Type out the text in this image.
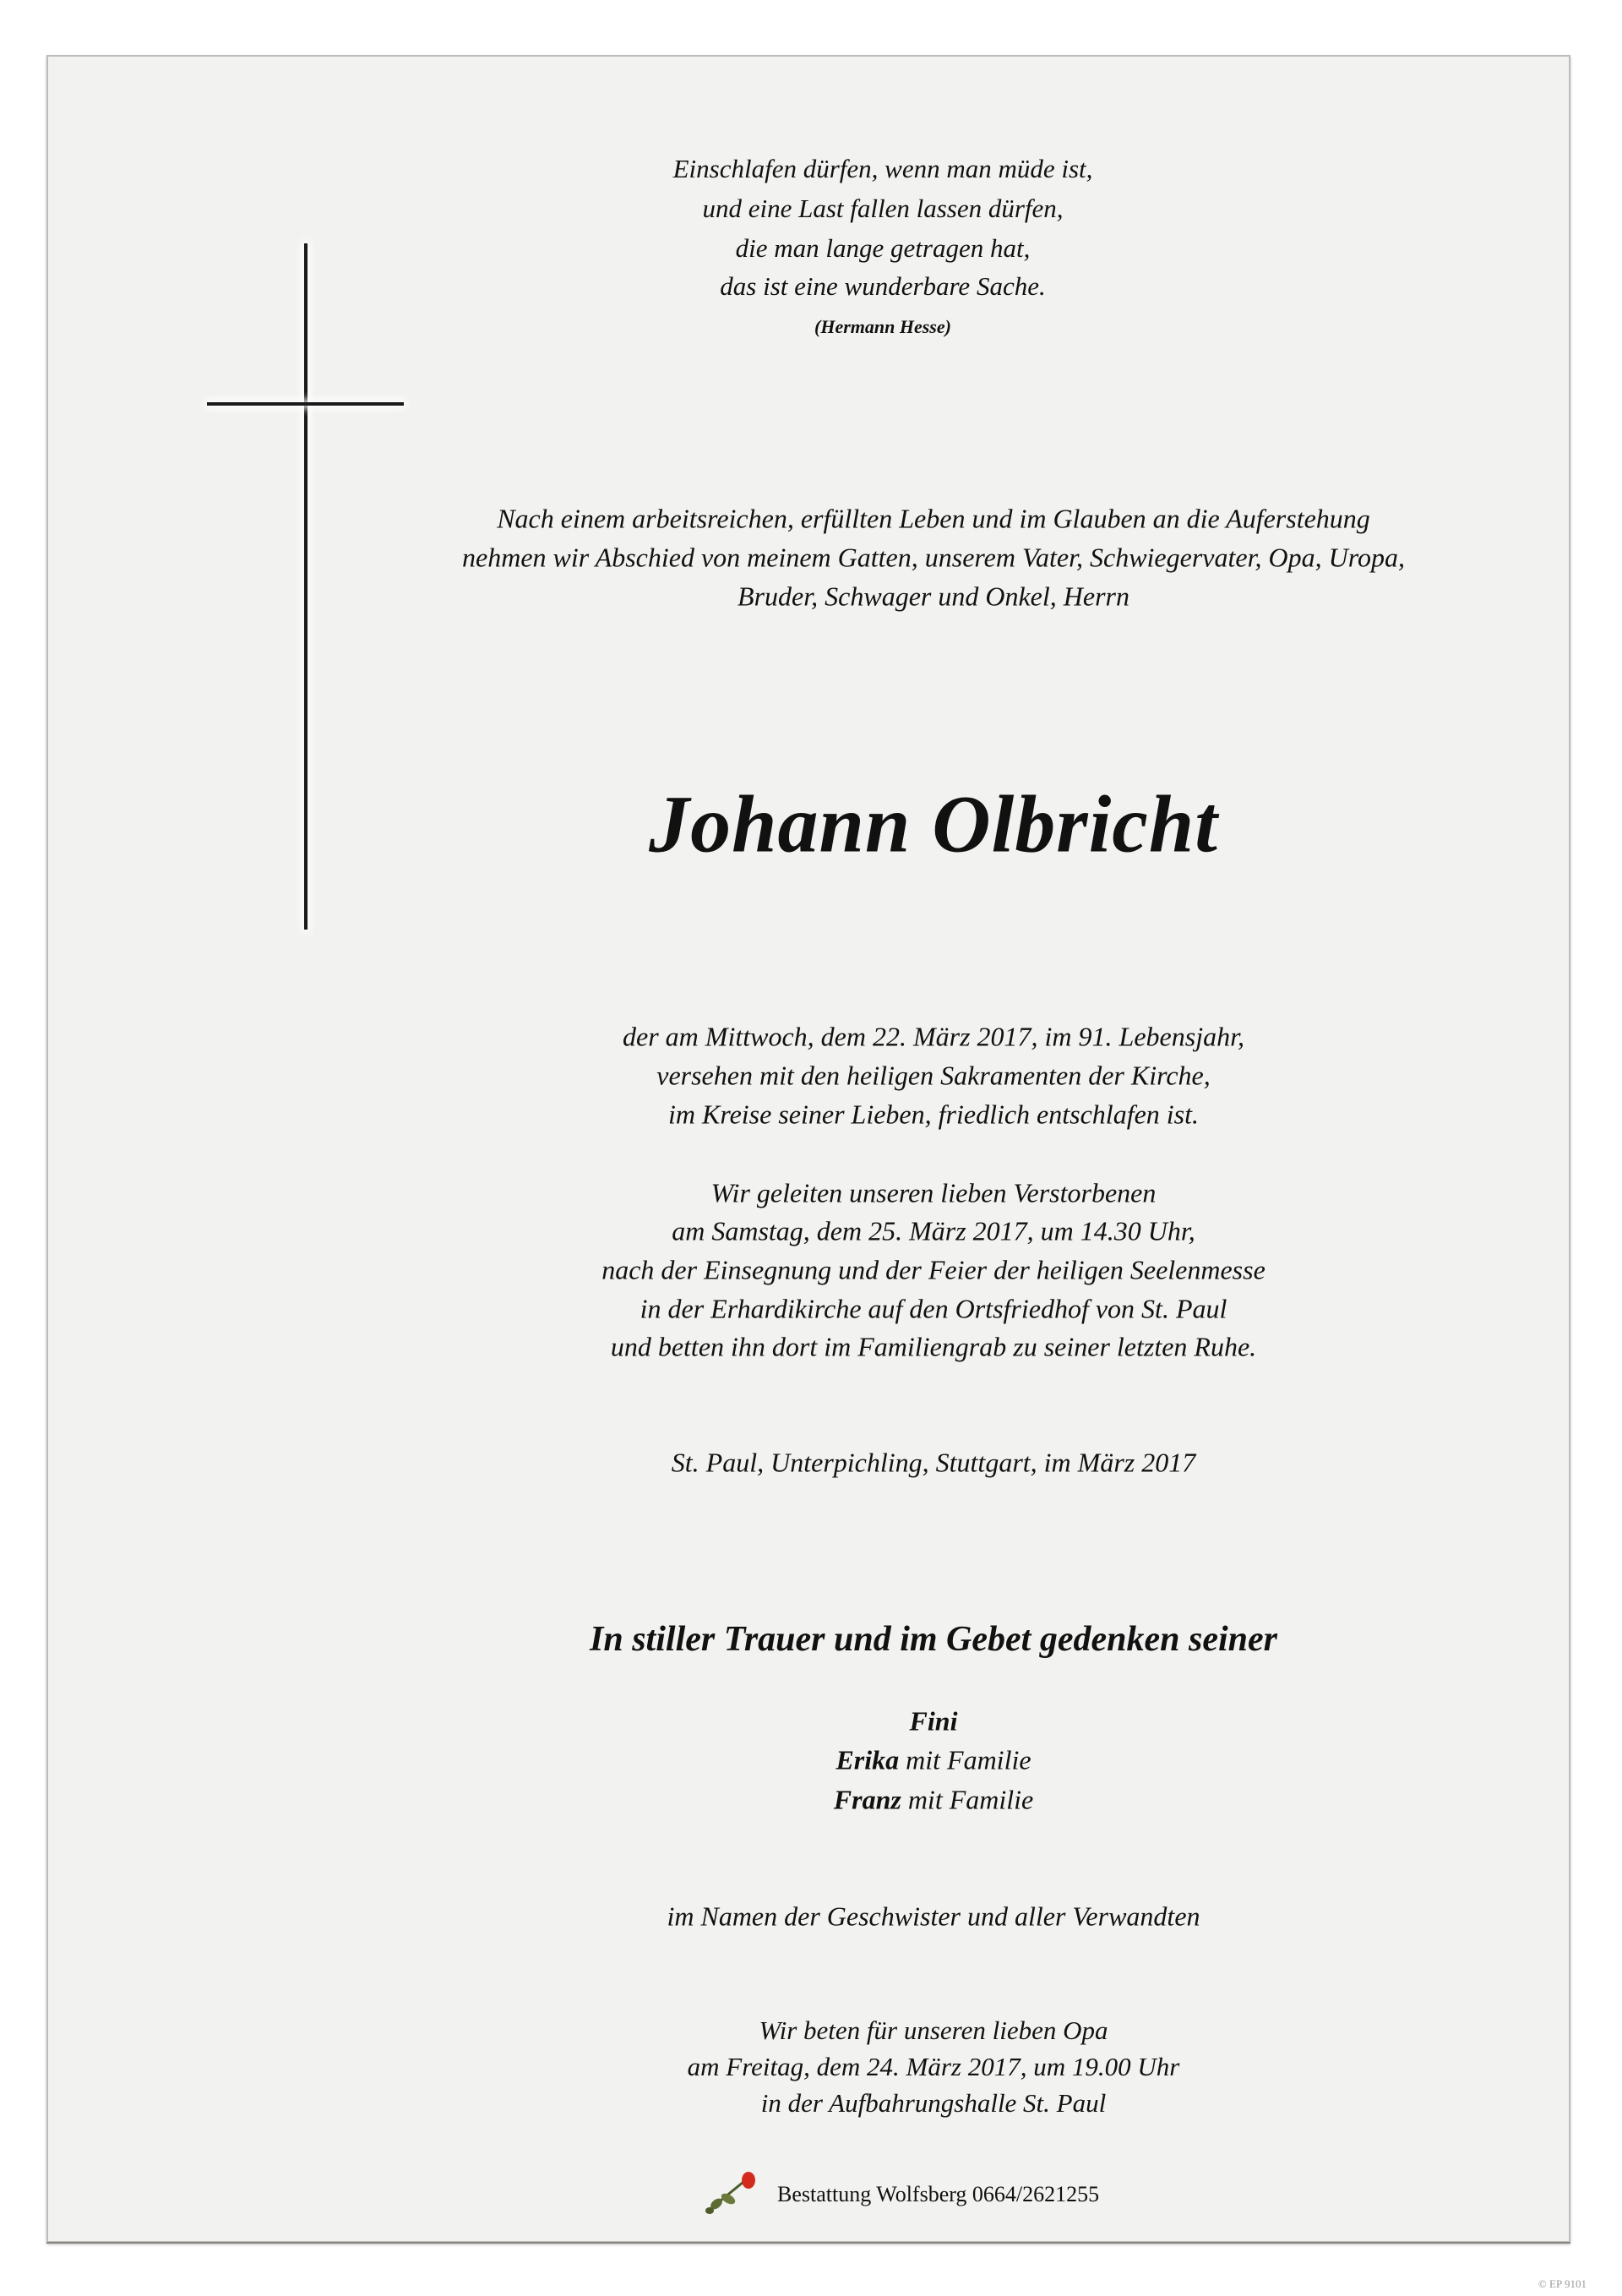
Einschlafen dürfen, wenn man müde ist,
und eine Last fallen lassen dürfen,
die man lange getragen hat,
das ist eine wunderbare Sache.
(Hermann Hesse)
Nach einem arbeitsreichen, erfüllten Leben und im Glauben an die Auferstehung
nehmen wir Abschied von meinem Gatten, unserem Vater, Schwiegervater, Opa, Uropa,
Bruder, Schwager und Onkel, Herrn
Johann Olbricht
der am Mittwoch, dem 22. März 2017, im 91. Lebensjahr,
versehen mit den heiligen Sakramenten der Kirche,
im Kreise seiner Lieben, friedlich entschlafen ist.
Wir geleiten unseren lieben Verstorbenen
am Samstag, dem 25. März 2017, um 14.30 Uhr,
nach der Einsegnung und der Feier der heiligen Seelenmesse
in der Erhardikirche auf den Ortsfriedhof von St. Paul
und betten ihn dort im Familiengrab zu seiner letzten Ruhe.
St. Paul, Unterpichling, Stuttgart, im März 2017
In stiller Trauer und im Gebet gedenken seiner
Fini
Erika mit Familie
Franz mit Familie
im Namen der Geschwister und aller Verwandten
Wir beten für unseren lieben Opa
am Freitag, dem 24. März 2017, um 19.00 Uhr
in der Aufbahrungshalle St. Paul
Bestattung Wolfsberg 0664/2621255
© EP 9101
